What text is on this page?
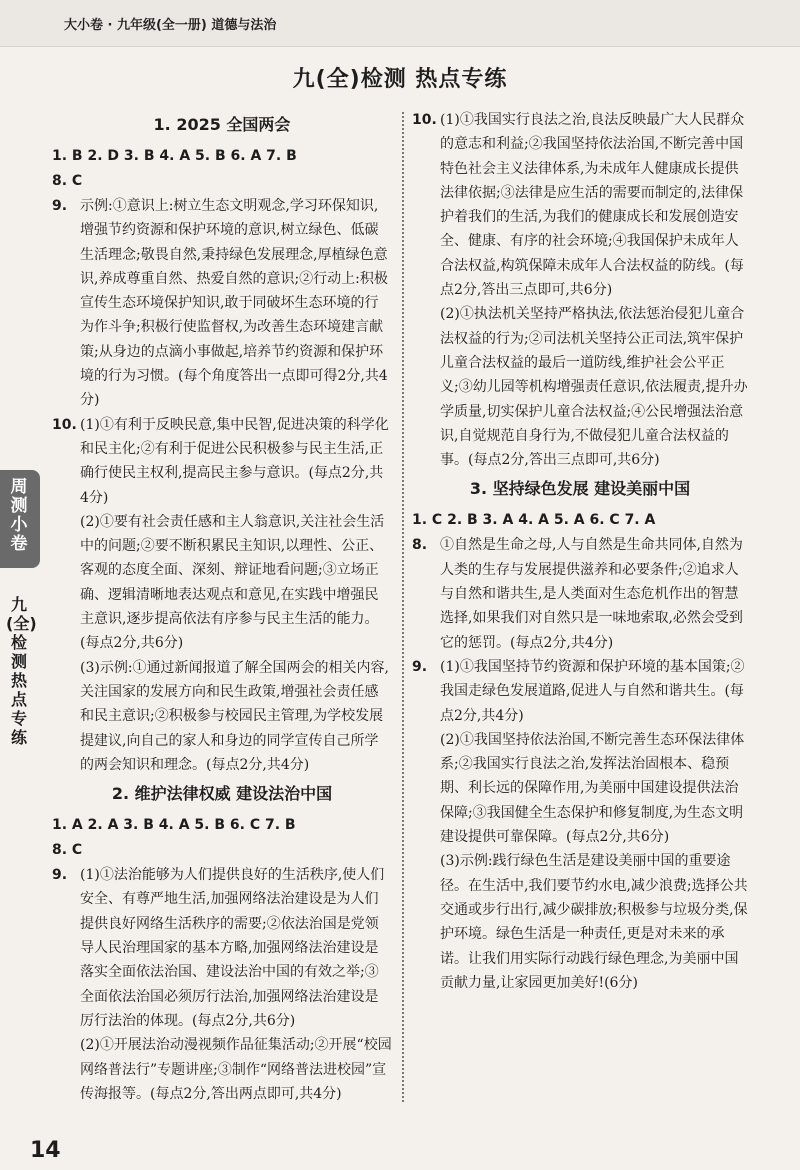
大小卷 · 九年级(全一册) 道德与法治
九(全)检测 热点专练
周测小卷
九(全)检测 热点专练
1. 2025 全国两会

1. B 2. D 3. B 4. A 5. B 6. A 7. B

8. C

9. 示例:①意识上:树立生态文明观念,学习环保知识,增强节约资源和保护环境的意识,树立绿色、低碳生活理念;敬畏自然,秉持绿色发展理念,厚植绿色意识,养成尊重自然、热爱自然的意识;②行动上:积极宣传生态环境保护知识,敢于同破坏生态环境的行为作斗争;积极行使监督权,为改善生态环境建言献策;从身边的点滴小事做起,培养节约资源和保护环境的行为习惯。(每个角度答出一点即可得2分,共4分)
10. (1)①有利于反映民意,集中民智,促进决策的科学化和民主化;②有利于促进公民积极参与民主生活,正确行使民主权利,提高民主参与意识。(每点2分,共4分)

(2)①要有社会责任感和主人翁意识,关注社会生活中的问题;②要不断积累民主知识,以理性、公正、客观的态度全面、深刻、辩证地看问题;③立场正确、逻辑清晰地表达观点和意见,在实践中增强民主意识,逐步提高依法有序参与民主生活的能力。(每点2分,共6分)

(3)示例:①通过新闻报道了解全国两会的相关内容,关注国家的发展方向和民生政策,增强社会责任感和民主意识;②积极参与校园民主管理,为学校发展提建议,向自己的家人和身边的同学宣传自己所学的两会知识和理念。(每点2分,共4分)

2. 维护法律权威 建设法治中国

1. A 2. A 3. B 4. A 5. B 6. C 7. B

8. C

9. (1)①法治能够为人们提供良好的生活秩序,使人们安全、有尊严地生活,加强网络法治建设是为人们提供良好网络生活秩序的需要;②依法治国是党领导人民治理国家的基本方略,加强网络法治建设是落实全面依法治国、建设法治中国的有效之举;③全面依法治国必须厉行法治,加强网络法治建设是厉行法治的体现。(每点2分,共6分)

(2)①开展法治动漫视频作品征集活动;②开展“校园网络普法行”专题讲座;③制作“网络普法进校园”宣传海报等。(每点2分,答出两点即可,共4分)

10. (1)①我国实行良法之治,良法反映最广大人民群众的意志和利益;②我国坚持依法治国,不断完善中国特色社会主义法律体系,为未成年人健康成长提供法律依据;③法律是应生活的需要而制定的,法律保护着我们的生活,为我们的健康成长和发展创造安全、健康、有序的社会环境;④我国保护未成年人合法权益,构筑保障未成年人合法权益的防线。(每点2分,答出三点即可,共6分)

(2)①执法机关坚持严格执法,依法惩治侵犯儿童合法权益的行为;②司法机关坚持公正司法,筑牢保护儿童合法权益的最后一道防线,维护社会公平正义;③幼儿园等机构增强责任意识,依法履责,提升办学质量,切实保护儿童合法权益;④公民增强法治意识,自觉规范自身行为,不做侵犯儿童合法权益的事。(每点2分,答出三点即可,共6分)

3. 坚持绿色发展 建设美丽中国

1. C 2. B 3. A 4. A 5. A 6. C 7. A

8. ①自然是生命之母,人与自然是生命共同体,自然为人类的生存与发展提供滋养和必要条件;②追求人与自然和谐共生,是人类面对生态危机作出的智慧选择,如果我们对自然只是一味地索取,必然会受到它的惩罚。(每点2分,共4分)
9. (1)①我国坚持节约资源和保护环境的基本国策;②我国走绿色发展道路,促进人与自然和谐共生。(每点2分,共4分)

(2)①我国坚持依法治国,不断完善生态环保法律体系;②我国实行良法之治,发挥法治固根本、稳预期、利长远的保障作用,为美丽中国建设提供法治保障;③我国健全生态保护和修复制度,为生态文明建设提供可靠保障。(每点2分,共6分)

(3)示例:践行绿色生活是建设美丽中国的重要途径。在生活中,我们要节约水电,减少浪费;选择公共交通或步行出行,减少碳排放;积极参与垃圾分类,保护环境。绿色生活是一种责任,更是对未来的承诺。让我们用实际行动践行绿色理念,为美丽中国贡献力量,让家园更加美好!(6分)

14
